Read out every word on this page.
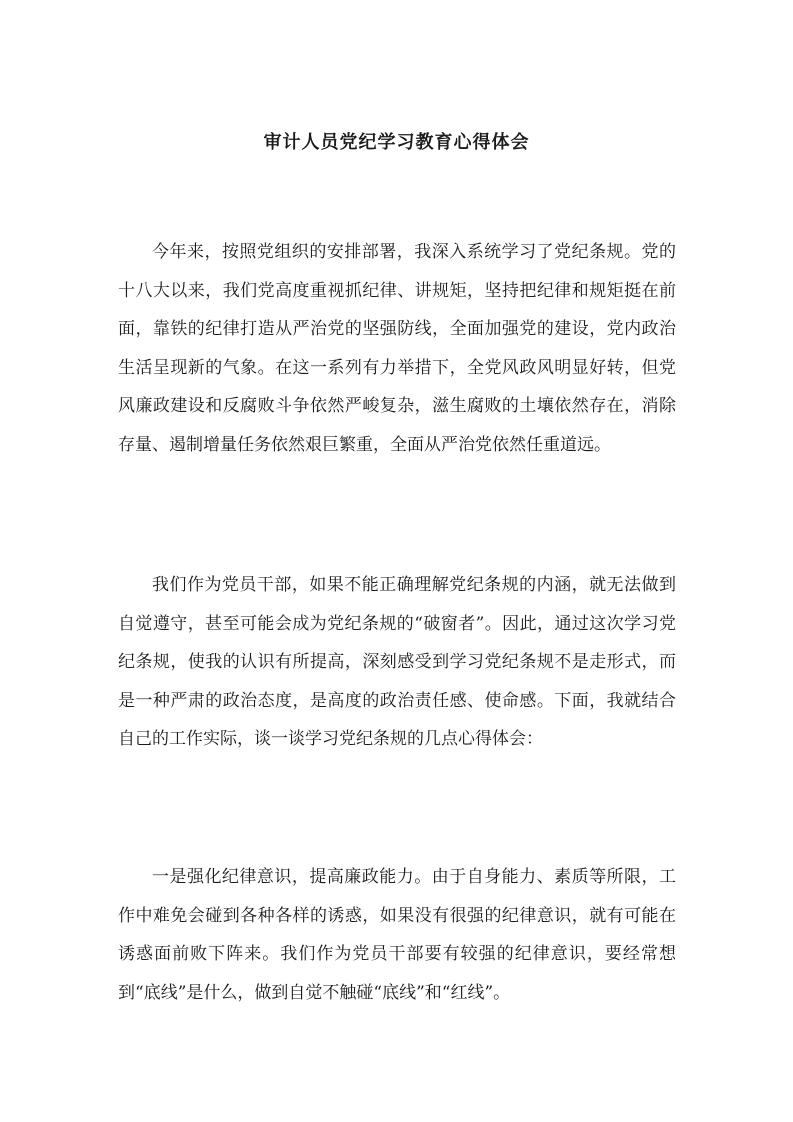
审计人员党纪学习教育心得体会

今年来，按照党组织的安排部署，我深入系统学习了党纪条规。党的十八大以来，我们党高度重视抓纪律、讲规矩，坚持把纪律和规矩挺在前面，靠铁的纪律打造从严治党的坚强防线，全面加强党的建设，党内政治生活呈现新的气象。在这一系列有力举措下，全党风政风明显好转，但党风廉政建设和反腐败斗争依然严峻复杂，滋生腐败的土壤依然存在，消除存量、遏制增量任务依然艰巨繁重，全面从严治党依然任重道远。

我们作为党员干部，如果不能正确理解党纪条规的内涵，就无法做到自觉遵守，甚至可能会成为党纪条规的“破窗者”。因此，通过这次学习党纪条规，使我的认识有所提高，深刻感受到学习党纪条规不是走形式，而是一种严肃的政治态度，是高度的政治责任感、使命感。下面，我就结合自己的工作实际，谈一谈学习党纪条规的几点心得体会：

一是强化纪律意识，提高廉政能力。由于自身能力、素质等所限，工作中难免会碰到各种各样的诱惑，如果没有很强的纪律意识，就有可能在诱惑面前败下阵来。我们作为党员干部要有较强的纪律意识，要经常想到“底线”是什么，做到自觉不触碰“底线”和“红线”。
